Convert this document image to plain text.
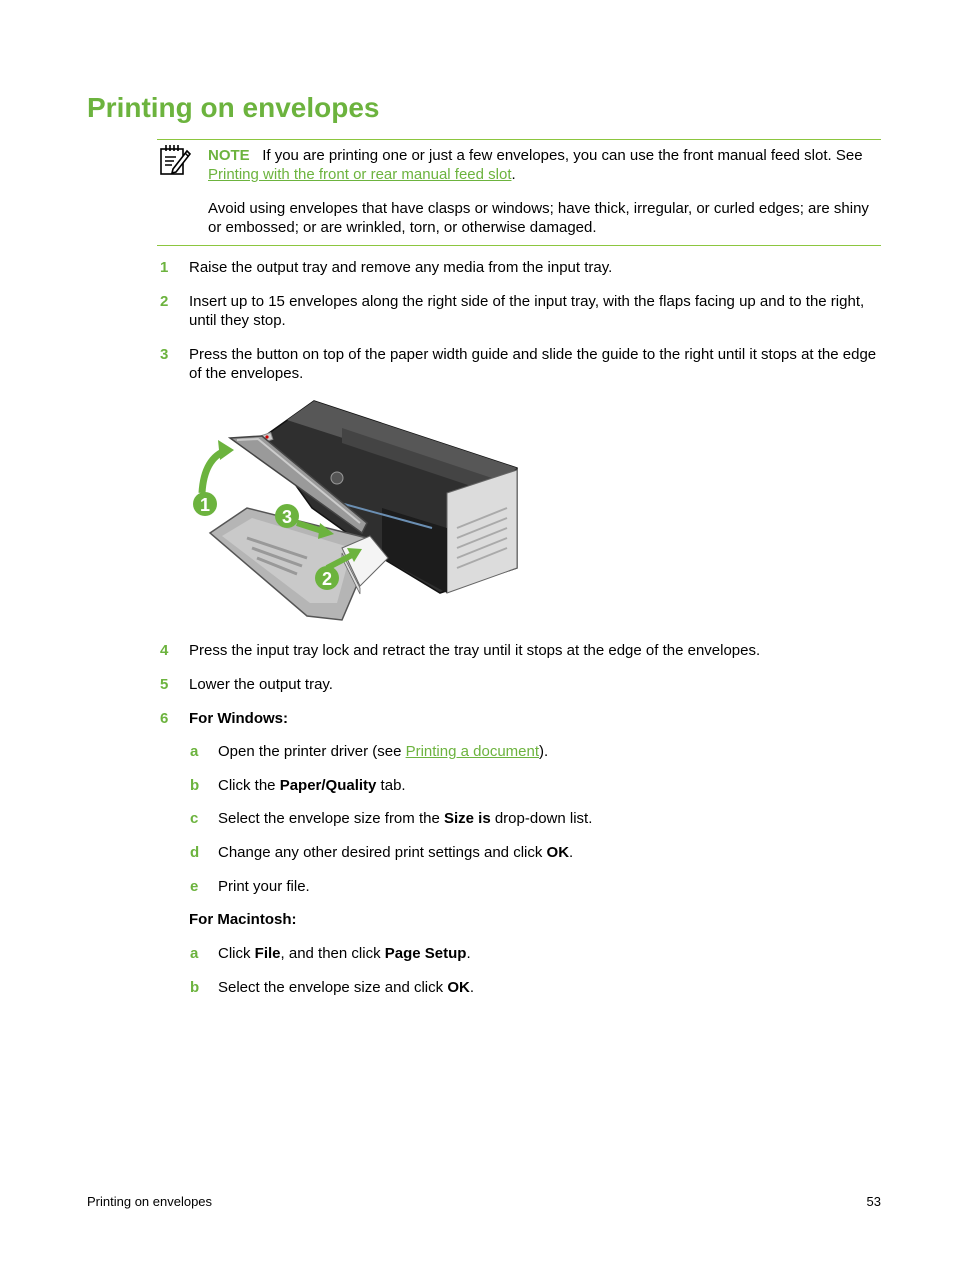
Printing on envelopes
NOTE If you are printing one or just a few envelopes, you can use the front manual feed slot. See Printing with the front or rear manual feed slot.
Avoid using envelopes that have clasps or windows; have thick, irregular, or curled edges; are shiny or embossed; or are wrinkled, torn, or otherwise damaged.
1 Raise the output tray and remove any media from the input tray.
2 Insert up to 15 envelopes along the right side of the input tray, with the flaps facing up and to the right, until they stop.
3 Press the button on top of the paper width guide and slide the guide to the right until it stops at the edge of the envelopes.
1
3
2
4 Press the input tray lock and retract the tray until it stops at the edge of the envelopes.
5 Lower the output tray.
6 For Windows:
a Open the printer driver (see Printing a document).
b Click the Paper/Quality tab.
c Select the envelope size from the Size is drop-down list.
d Change any other desired print settings and click OK.
e Print your file.
For Macintosh:
a Click File, and then click Page Setup.
b Select the envelope size and click OK.
Printing on envelopes	53
